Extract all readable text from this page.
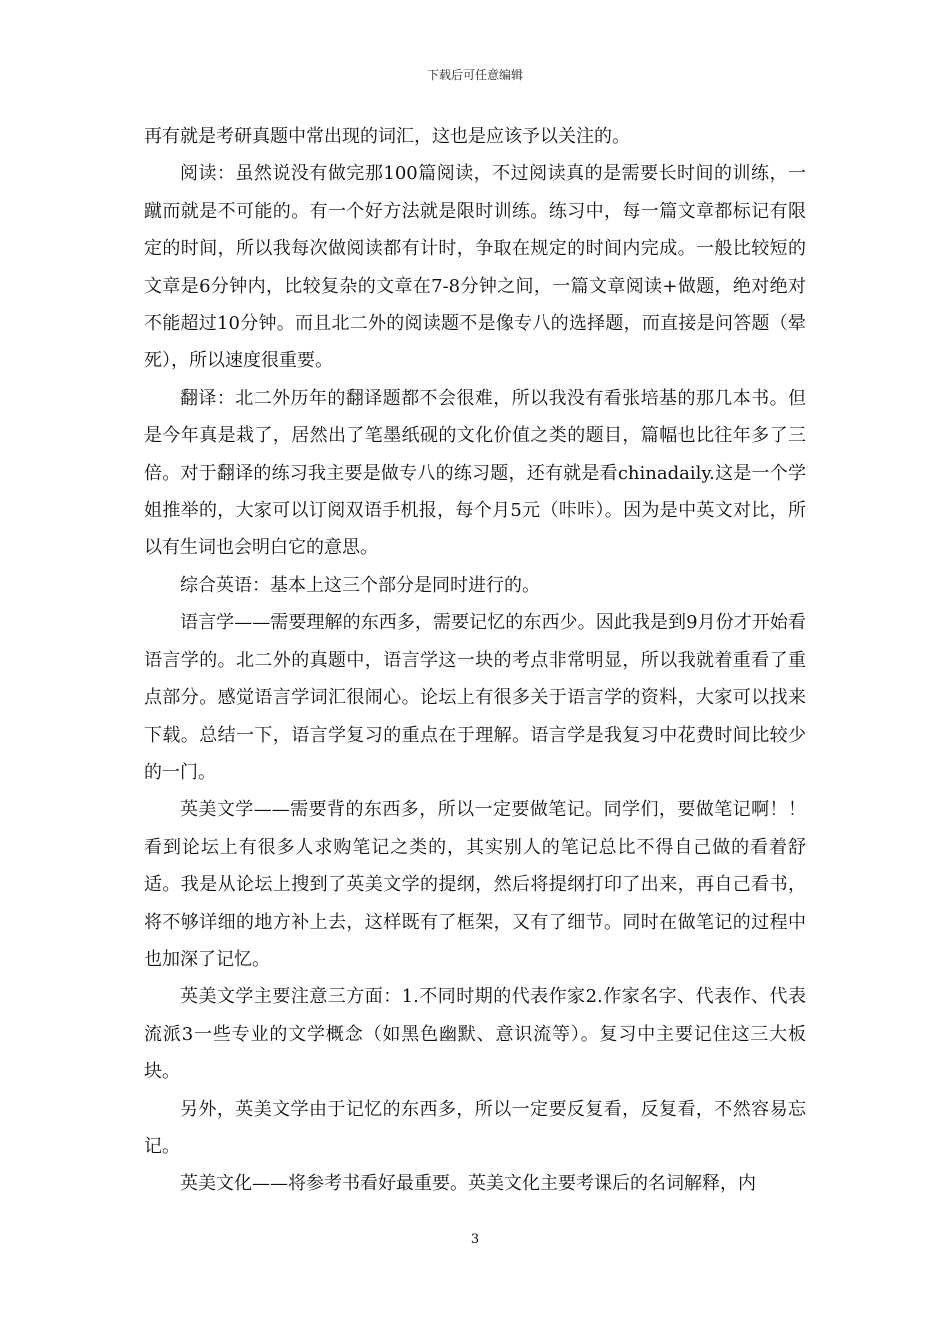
下载后可任意编辑

再有就是考研真题中常出现的词汇，这也是应该予以关注的。

阅读：虽然说没有做完那100篇阅读，不过阅读真的是需要长时间的训练，一蹴而就是不可能的。有一个好方法就是限时训练。练习中，每一篇文章都标记有限定的时间，所以我每次做阅读都有计时，争取在规定的时间内完成。一般比较短的文章是6分钟内，比较复杂的文章在7-8分钟之间，一篇文章阅读+做题，绝对绝对不能超过10分钟。而且北二外的阅读题不是像专八的选择题，而直接是问答题（晕死），所以速度很重要。

翻译：北二外历年的翻译题都不会很难，所以我没有看张培基的那几本书。但是今年真是栽了，居然出了笔墨纸砚的文化价值之类的题目，篇幅也比往年多了三倍。对于翻译的练习我主要是做专八的练习题，还有就是看chinadaily.这是一个学姐推举的，大家可以订阅双语手机报，每个月5元（咔咔）。因为是中英文对比，所以有生词也会明白它的意思。

综合英语：基本上这三个部分是同时进行的。

语言学——需要理解的东西多，需要记忆的东西少。因此我是到9月份才开始看语言学的。北二外的真题中，语言学这一块的考点非常明显，所以我就着重看了重点部分。感觉语言学词汇很闹心。论坛上有很多关于语言学的资料，大家可以找来下载。总结一下，语言学复习的重点在于理解。语言学是我复习中花费时间比较少的一门。

英美文学——需要背的东西多，所以一定要做笔记。同学们，要做笔记啊！！看到论坛上有很多人求购笔记之类的，其实别人的笔记总比不得自己做的看着舒适。我是从论坛上搜到了英美文学的提纲，然后将提纲打印了出来，再自己看书，将不够详细的地方补上去，这样既有了框架，又有了细节。同时在做笔记的过程中也加深了记忆。

英美文学主要注意三方面：1.不同时期的代表作家2.作家名字、代表作、代表流派3一些专业的文学概念（如黑色幽默、意识流等）。复习中主要记住这三大板块。

另外，英美文学由于记忆的东西多，所以一定要反复看，反复看，不然容易忘记。

英美文化——将参考书看好最重要。英美文化主要考课后的名词解释，内

3
